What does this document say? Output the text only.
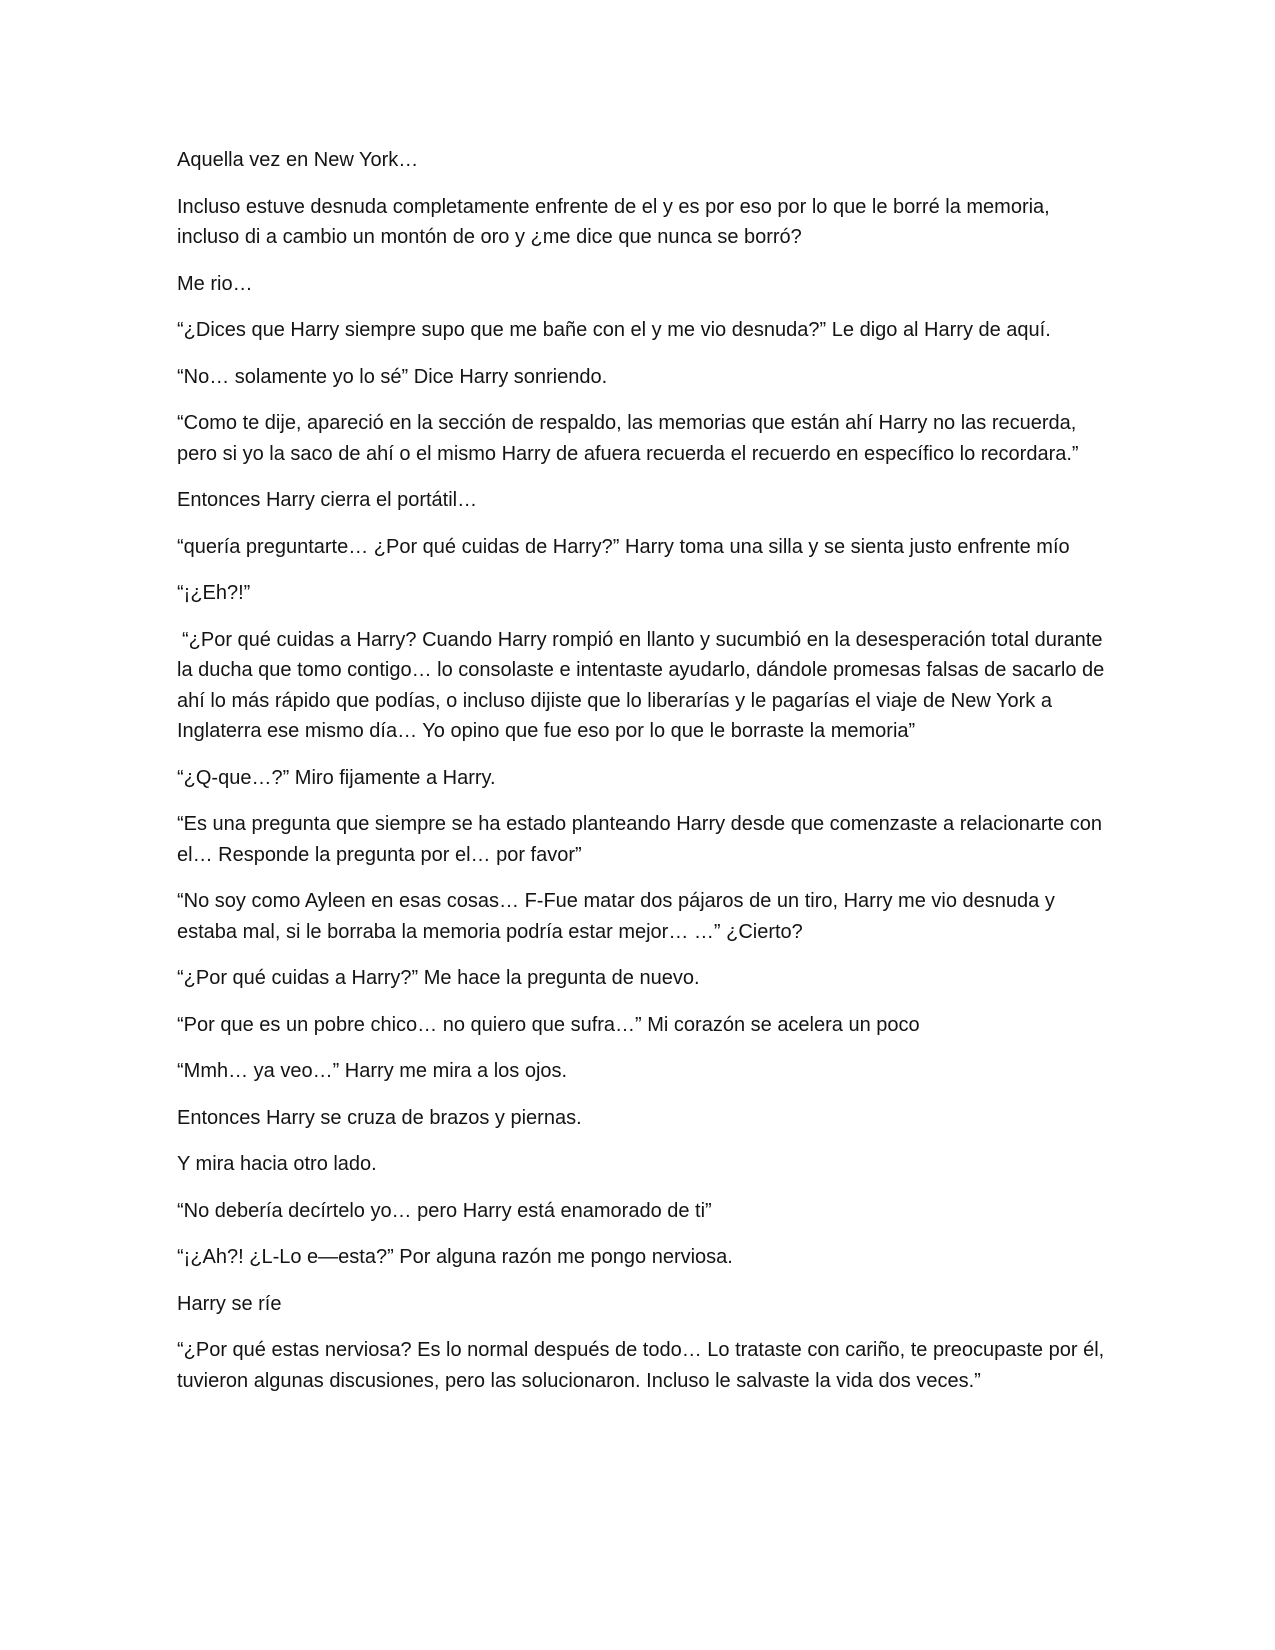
Aquella vez en New York…

Incluso estuve desnuda completamente enfrente de el y es por eso por lo que le borré la memoria, incluso di a cambio un montón de oro y ¿me dice que nunca se borró?

Me rio…

“¿Dices que Harry siempre supo que me bañe con el y me vio desnuda?” Le digo al Harry de aquí.

“No… solamente yo lo sé” Dice Harry sonriendo.

“Como te dije, apareció en la sección de respaldo, las memorias que están ahí Harry no las recuerda, pero si yo la saco de ahí o el mismo Harry de afuera recuerda el recuerdo en específico lo recordara.”

Entonces Harry cierra el portátil…

“quería preguntarte… ¿Por qué cuidas de Harry?” Harry toma una silla y se sienta justo enfrente mío

“¡¿Eh?!”

“¿Por qué cuidas a Harry? Cuando Harry rompió en llanto y sucumbió en la desesperación total durante la ducha que tomo contigo… lo consolaste e intentaste ayudarlo, dándole promesas falsas de sacarlo de ahí lo más rápido que podías, o incluso dijiste que lo liberarías y le pagarías el viaje de New York a Inglaterra ese mismo día… Yo opino que fue eso por lo que le borraste la memoria”

“¿Q-que…?” Miro fijamente a Harry.

“Es una pregunta que siempre se ha estado planteando Harry desde que comenzaste a relacionarte con el… Responde la pregunta por el… por favor”

“No soy como Ayleen en esas cosas… F-Fue matar dos pájaros de un tiro, Harry me vio desnuda y estaba mal, si le borraba la memoria podría estar mejor… …” ¿Cierto?

“¿Por qué cuidas a Harry?” Me hace la pregunta de nuevo.

“Por que es un pobre chico… no quiero que sufra…” Mi corazón se acelera un poco

“Mmh… ya veo…” Harry me mira a los ojos.

Entonces Harry se cruza de brazos y piernas.

Y mira hacia otro lado.

“No debería decírtelo yo… pero Harry está enamorado de ti”

“¡¿Ah?! ¿L-Lo e—esta?” Por alguna razón me pongo nerviosa.

Harry se ríe

“¿Por qué estas nerviosa? Es lo normal después de todo… Lo trataste con cariño, te preocupaste por él, tuvieron algunas discusiones, pero las solucionaron. Incluso le salvaste la vida dos veces.”
